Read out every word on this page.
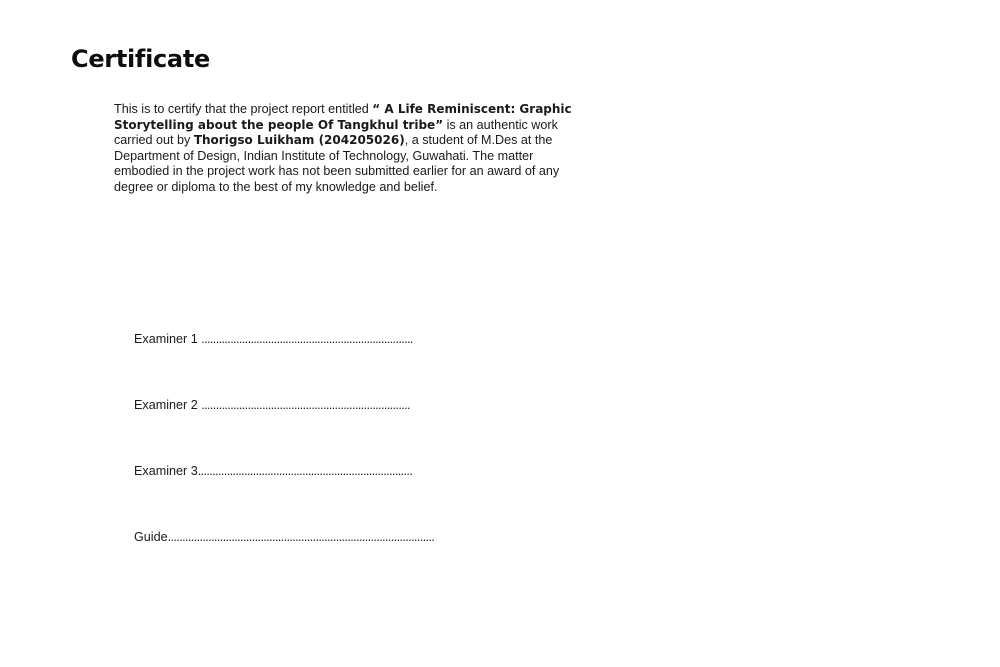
Certificate

This is to certify that the project report entitled “ A Life Reminiscent: Graphic Storytelling about the people Of Tangkhul tribe” is an authentic work carried out by Thorigso Luikham (204205026), a student of M.Des at the Department of Design, Indian Institute of Technology, Guwahati. The matter embodied in the project work has not been submitted earlier for an award of any degree or diploma to the best of my knowledge and belief.

Examiner 1 .........................................................................
Examiner 2 ........................................................................
Examiner 3..........................................................................
Guide............................................................................................
